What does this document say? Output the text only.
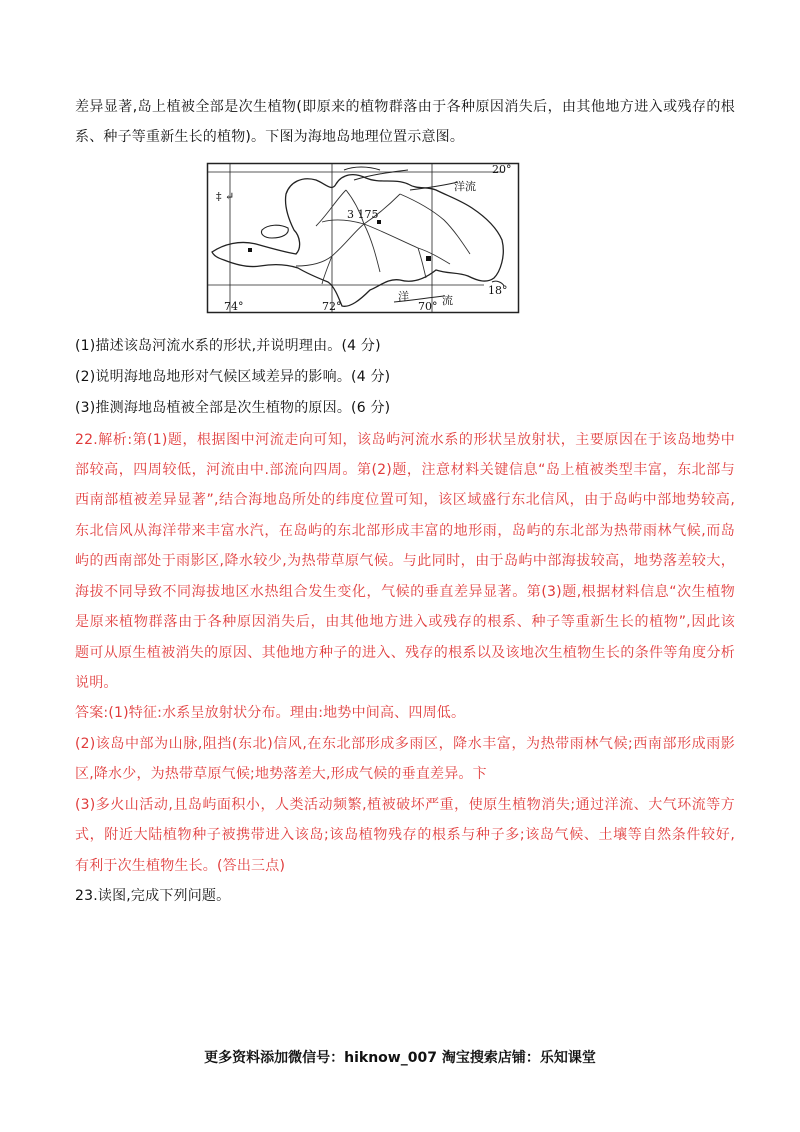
差异显著,岛上植被全部是次生植物(即原来的植物群落由于各种原因消失后，由其他地方进入或残存的根
系、种子等重新生长的植物)。下图为海地岛地理位置示意图。
3 175
洋流
20°
18°
74°	72°
洋
70° 流
‡ ↵
(1)描述该岛河流水系的形状,并说明理由。(4 分)
(2)说明海地岛地形对气候区域差异的影响。(4 分)
(3)推测海地岛植被全部是次生植物的原因。(6 分)
22.解析:第(1)题，根据图中河流走向可知，该岛屿河流水系的形状呈放射状，主要原因在于该岛地势中
部较高，四周较低，河流由中.部流向四周。第(2)题，注意材料关键信息“岛上植被类型丰富，东北部与
西南部植被差异显著”,结合海地岛所处的纬度位置可知，该区域盛行东北信风，由于岛屿中部地势较高,
东北信风从海洋带来丰富水汽，在岛屿的东北部形成丰富的地形雨，岛屿的东北部为热带雨林气候,而岛
屿的西南部处于雨影区,降水较少,为热带草原气候。与此同时，由于岛屿中部海拔较高，地势落差较大，
海拔不同导致不同海拔地区水热组合发生变化，气候的垂直差异显著。第(3)题,根据材料信息“次生植物
是原来植物群落由于各种原因消失后，由其他地方进入或残存的根系、种子等重新生长的植物”,因此该
题可从原生植被消失的原因、其他地方种子的进入、残存的根系以及该地次生植物生长的条件等角度分析
说明。
答案:(1)特征:水系呈放射状分布。理由:地势中间高、四周低。
(2)该岛中部为山脉,阻挡(东北)信风,在东北部形成多雨区，降水丰富，为热带雨林气候;西南部形成雨影
区,降水少，为热带草原气候;地势落差大,形成气候的垂直差异。卞
(3)多火山活动,且岛屿面积小，人类活动频繁,植被破坏严重，使原生植物消失;通过洋流、大气环流等方
式，附近大陆植物种子被携带进入该岛;该岛植物残存的根系与种子多;该岛气候、土壤等自然条件较好,
有利于次生植物生长。(答出三点)
23.读图,完成下列问题。
更多资料添加微信号：hiknow_007 淘宝搜索店铺：乐知课堂
